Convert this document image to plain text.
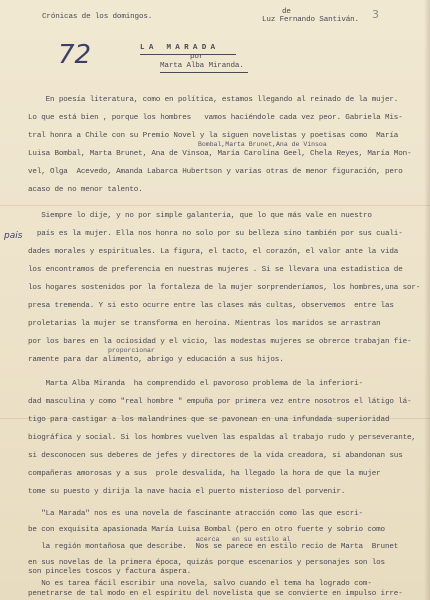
Crónicas de los domingos.
de
Luz Fernando Santiván. 3
72	L A   M A R A D A
por
Marta Alba Miranda.
En poesía literatura, como en política, estamos llegando al reinado de la mujer.
Lo que está bien , porque los hombres   vamos haciéndole cada vez peor. Gabriela Mis-
tral honra a Chile con su Premio Novel y la siguen novelistas y poetisas como  María
Bombal,Marta Brunet,Ana de Vinsoa
Luisa Bombal, Marta Brunet, Ana de Vinsoa, María Carolina Geel, Chela Reyes, María Mon-
vel, Olga  Acevedo, Amanda Labarca Hubertson y varias otras de menor figuración, pero
acaso de no menor talento.
Siempre lo dije, y no por simple galantería, que lo que más vale en nuestro
pais país es la mujer. Ella nos honra no solo por su belleza sino también por sus cuali-
dades morales y espirituales. La figura, el tacto, el corazón, el valor ante la vida
los encontramos de preferencia en nuestras mujeres . Si se llevara una estadística de
los hogares sostenidos por la fortaleza de la mujer sorprenderíamos, los hombres,una sor-
presa tremenda. Y si esto ocurre entre las clases más cultas, observemos  entre las
proletarias la mujer se transforma en heroína. Mientras los maridos se arrastran
por los bares en la ociosidad y el vicio, las modestas mujeres se obrerce trabajan fie-
proporcionar
ramente para dar alimento, abrigo y educación a sus hijos.
Marta Alba Miranda  ha comprendido el pavoroso problema de la inferiori-
dad masculina y como "real hombre " empuña por primera vez entre nosotros el látigo lá-
tigo para castigar a los malandrines que se pavonean en una infundada superioridad
biográfica y social. Si los hombres vuelven las espaldas al trabajo rudo y perseverante,
si desconocen sus deberes de jefes y directores de la vida creadora, si abandonan sus
compañeras amorosas y a sus  prole desvalida, ha llegado la hora de que la mujer
tome su puesto y dirija la nave hacia el puerto misterioso del porvenir.
"La Marada" nos es una novela de fascinante atracción como las que escri-
be con exquisita apasionada María Luisa Bombal (pero en otro fuerte y sobrio como
acerca en su estilo al
la región montañosa que describe.  Nos se parece en estilo recio de Marta  Brunet
en sus novelas de la primera época, quizás porque escenarios y personajes son los
son pinceles toscos y factura áspera.
No es tarea fácil escribir una novela, salvo cuando el tema ha logrado com-
penetrarse de tal modo en el espíritu del novelista que se convierte en impulso irre-
